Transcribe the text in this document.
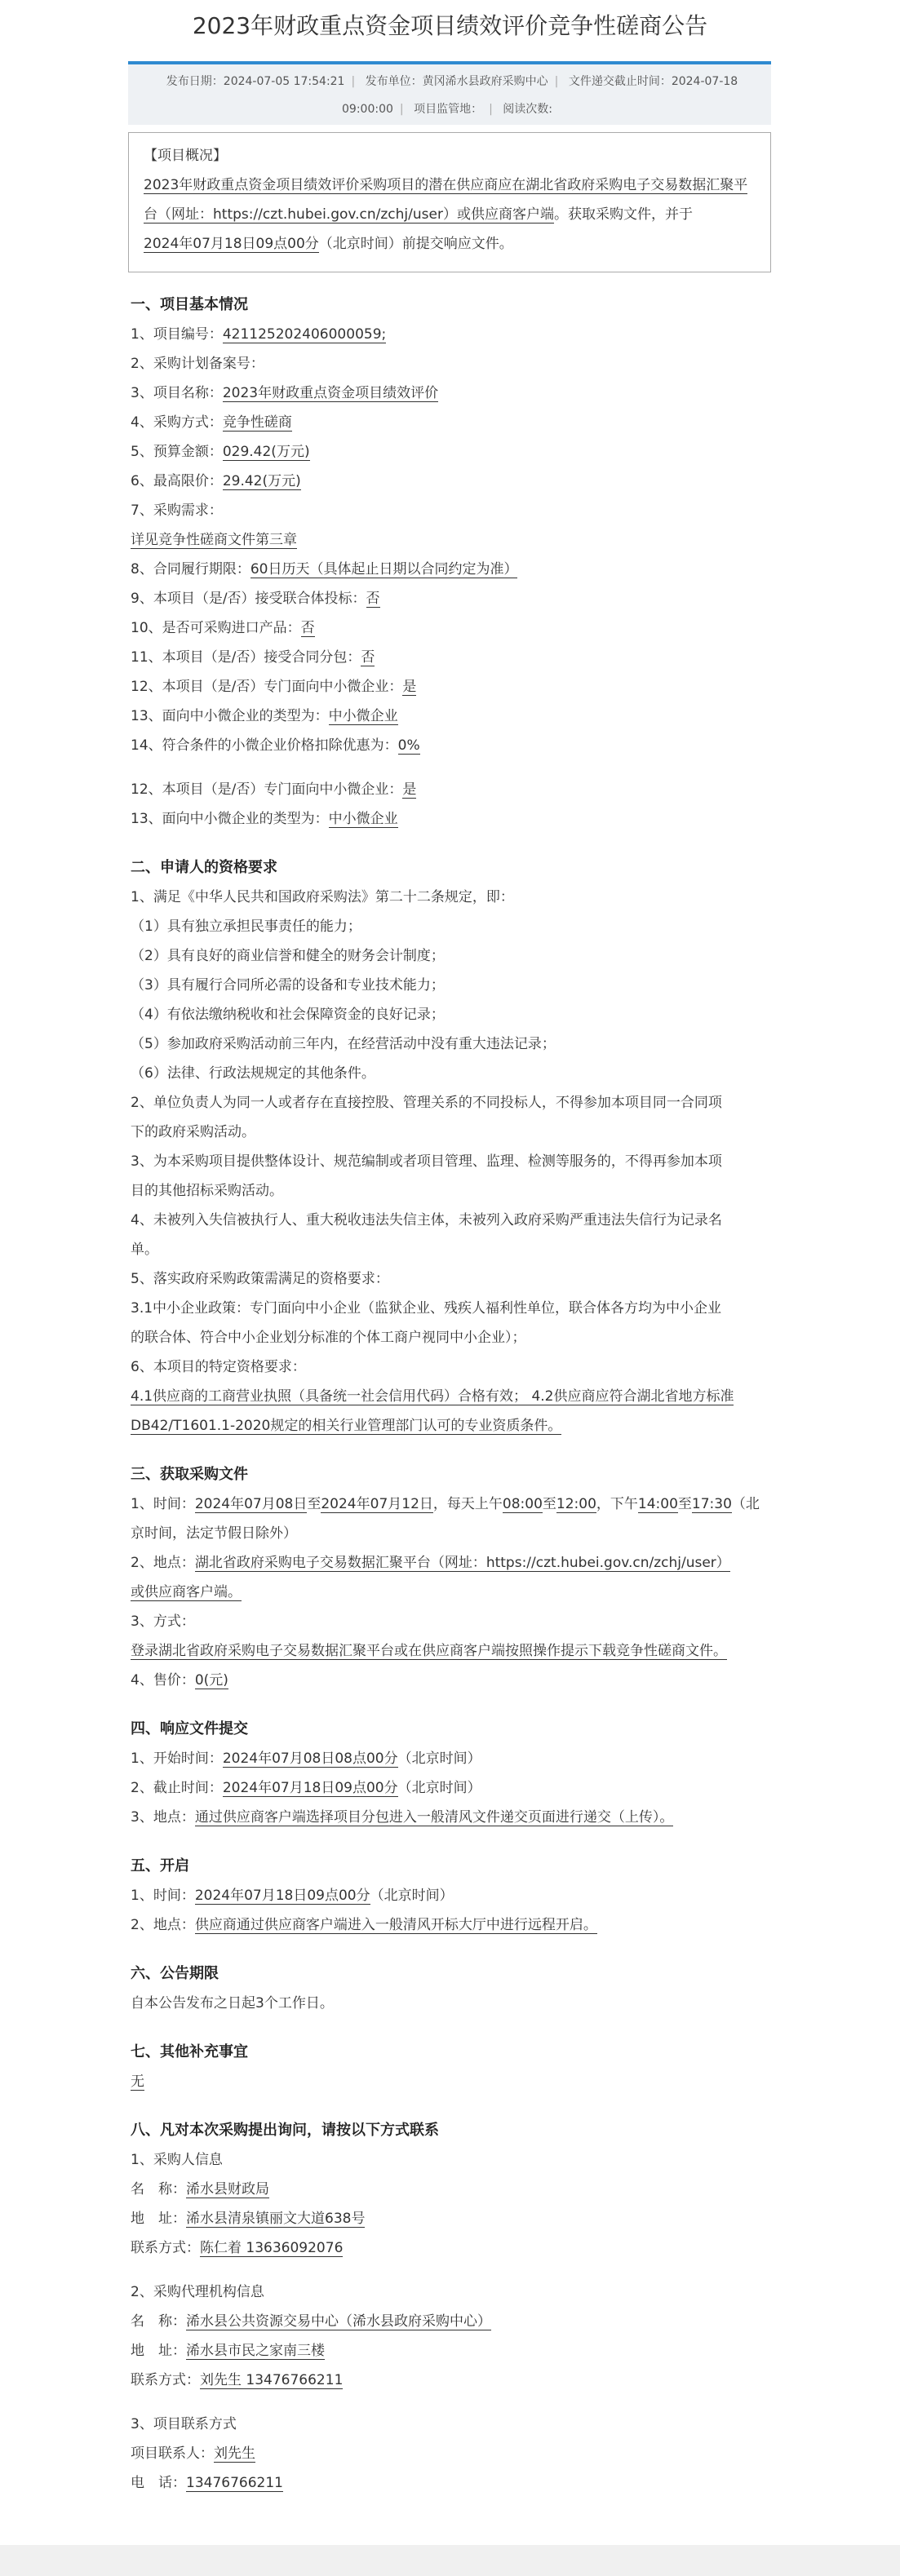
2023年财政重点资金项目绩效评价竞争性磋商公告
发布日期：2024-07-05 17:54:21 | 发布单位：黄冈浠水县政府采购中心 | 文件递交截止时间：2024-07-18 09:00:00 | 项目监管地： | 阅读次数:
【项目概况】
2023年财政重点资金项目绩效评价采购项目的潜在供应商应在湖北省政府采购电子交易数据汇聚平台（网址：https://czt.hubei.gov.cn/zchj/user）或供应商客户端。获取采购文件，并于
2024年07月18日09点00分（北京时间）前提交响应文件。
一、项目基本情况
1、项目编号：421125202406000059;
2、采购计划备案号：
3、项目名称：2023年财政重点资金项目绩效评价
4、采购方式：竞争性磋商
5、预算金额：029.42(万元)
6、最高限价：29.42(万元)
7、采购需求：
详见竞争性磋商文件第三章
8、合同履行期限：60日历天（具体起止日期以合同约定为准）
9、本项目（是/否）接受联合体投标：否
10、是否可采购进口产品：否
11、本项目（是/否）接受合同分包：否
12、本项目（是/否）专门面向中小微企业：是
13、面向中小微企业的类型为：中小微企业
14、符合条件的小微企业价格扣除优惠为：0%
12、本项目（是/否）专门面向中小微企业：是
13、面向中小微企业的类型为：中小微企业
二、申请人的资格要求
1、满足《中华人民共和国政府采购法》第二十二条规定，即：
（1）具有独立承担民事责任的能力；
（2）具有良好的商业信誉和健全的财务会计制度；
（3）具有履行合同所必需的设备和专业技术能力；
（4）有依法缴纳税收和社会保障资金的良好记录；
（5）参加政府采购活动前三年内，在经营活动中没有重大违法记录；
（6）法律、行政法规规定的其他条件。
2、单位负责人为同一人或者存在直接控股、管理关系的不同投标人，不得参加本项目同一合同项
下的政府采购活动。
3、为本采购项目提供整体设计、规范编制或者项目管理、监理、检测等服务的，不得再参加本项
目的其他招标采购活动。
4、未被列入失信被执行人、重大税收违法失信主体，未被列入政府采购严重违法失信行为记录名
单。
5、落实政府采购政策需满足的资格要求：
3.1中小企业政策：专门面向中小企业（监狱企业、残疾人福利性单位，联合体各方均为中小企业
的联合体、符合中小企业划分标准的个体工商户视同中小企业）；
6、本项目的特定资格要求：
4.1供应商的工商营业执照（具备统一社会信用代码）合格有效； 4.2供应商应符合湖北省地方标准
DB42/T1601.1-2020规定的相关行业管理部门认可的专业资质条件。
三、获取采购文件
1、时间：2024年07月08日至2024年07月12日，每天上午08:00至12:00，下午14:00至17:30（北
京时间，法定节假日除外）
2、地点：湖北省政府采购电子交易数据汇聚平台（网址：https://czt.hubei.gov.cn/zchj/user）
或供应商客户端。
3、方式：
登录湖北省政府采购电子交易数据汇聚平台或在供应商客户端按照操作提示下载竞争性磋商文件。
4、售价：0(元)
四、响应文件提交
1、开始时间：2024年07月08日08点00分（北京时间）
2、截止时间：2024年07月18日09点00分（北京时间）
3、地点：通过供应商客户端选择项目分包进入一般清风文件递交页面进行递交（上传）。
五、开启
1、时间：2024年07月18日09点00分（北京时间）
2、地点：供应商通过供应商客户端进入一般清风开标大厅中进行远程开启。
六、公告期限
自本公告发布之日起3个工作日。
七、其他补充事宜
无
八、凡对本次采购提出询问，请按以下方式联系
1、采购人信息
名　称：浠水县财政局
地　址：浠水县清泉镇丽文大道638号
联系方式：陈仁着 13636092076
2、采购代理机构信息
名　称：浠水县公共资源交易中心（浠水县政府采购中心）
地　址：浠水县市民之家南三楼
联系方式：刘先生 13476766211
3、项目联系方式
项目联系人：刘先生
电　话：13476766211
